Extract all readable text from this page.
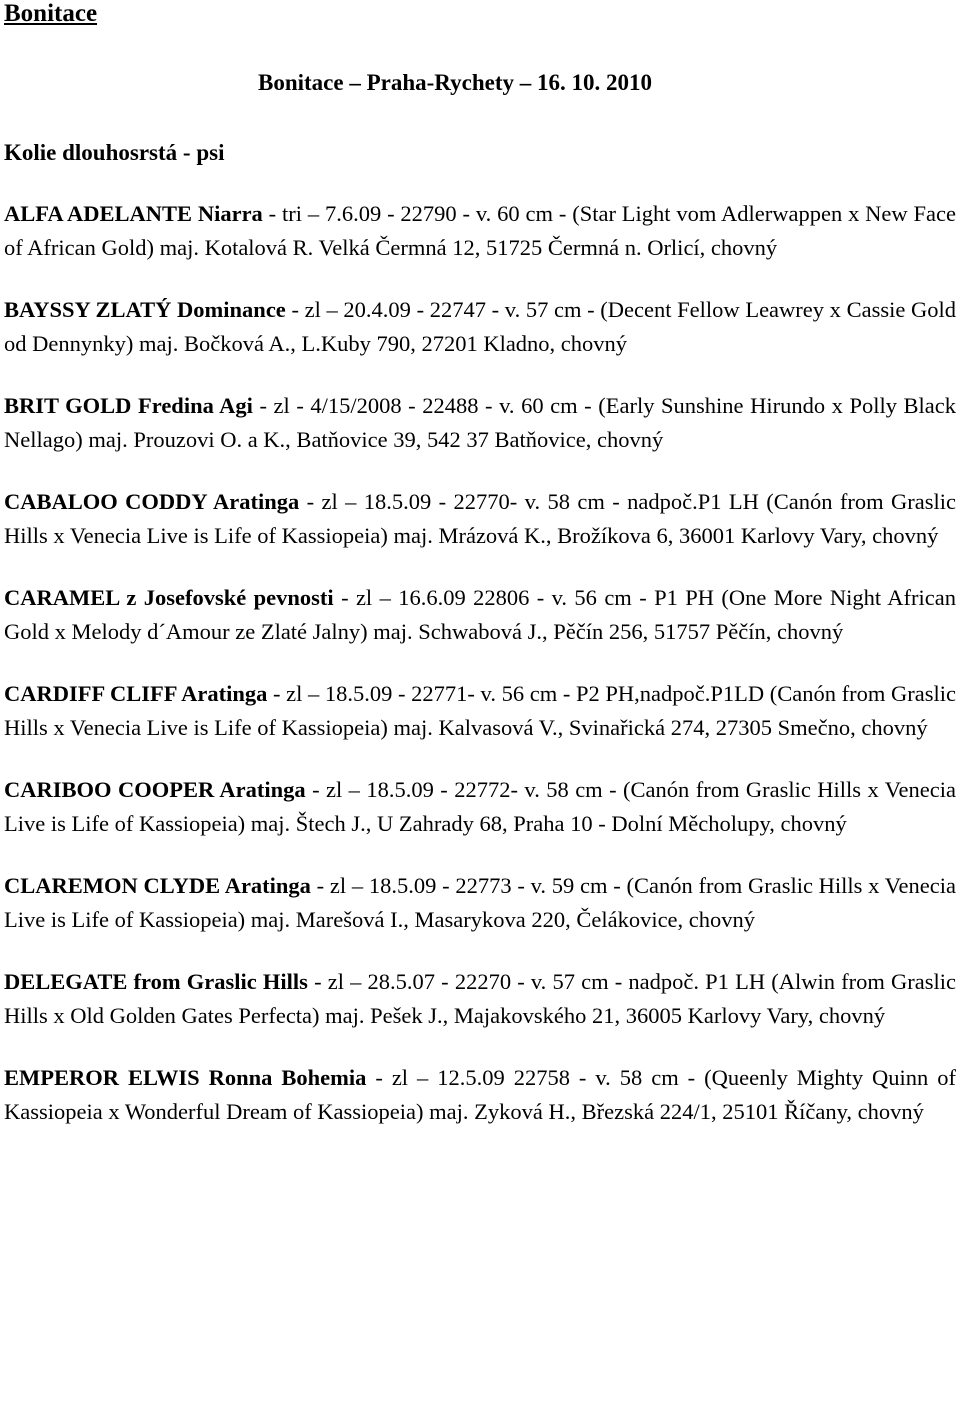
Bonitace
Bonitace – Praha-Rychety – 16. 10. 2010
Kolie dlouhosrstá - psi

ALFA ADELANTE Niarra - tri – 7.6.09 - 22790 - v. 60 cm - (Star Light vom Adlerwappen x New Face of African Gold) maj. Kotalová R. Velká Čermná 12, 51725 Čermná n. Orlicí, chovný

BAYSSY ZLATÝ Dominance - zl – 20.4.09 - 22747 - v. 57 cm - (Decent Fellow Leawrey x Cassie Gold od Dennynky) maj. Bočková A., L.Kuby 790, 27201 Kladno, chovný

BRIT GOLD Fredina Agi - zl - 4/15/2008 - 22488 - v. 60 cm - (Early Sunshine Hirundo x Polly Black Nellago) maj. Prouzovi O. a K., Batňovice 39, 542 37 Batňovice, chovný

CABALOO CODDY Aratinga - zl – 18.5.09 - 22770- v. 58 cm - nadpoč.P1 LH (Canón from Graslic Hills x Venecia Live is Life of Kassiopeia) maj. Mrázová K., Brožíkova 6, 36001 Karlovy Vary, chovný

CARAMEL z Josefovské pevnosti - zl – 16.6.09 22806 - v. 56 cm - P1 PH (One More Night African Gold x Melody d´Amour ze Zlaté Jalny) maj. Schwabová J., Pěčín 256, 51757 Pěčín, chovný

CARDIFF CLIFF Aratinga - zl – 18.5.09 - 22771- v. 56 cm - P2 PH,nadpoč.P1LD (Canón from Graslic Hills x Venecia Live is Life of Kassiopeia) maj. Kalvasová V., Svinařická 274, 27305 Smečno, chovný

CARIBOO COOPER Aratinga - zl – 18.5.09 - 22772- v. 58 cm - (Canón from Graslic Hills x Venecia Live is Life of Kassiopeia) maj. Štech J., U Zahrady 68, Praha 10 - Dolní Měcholupy, chovný

CLAREMON CLYDE Aratinga - zl – 18.5.09 - 22773 - v. 59 cm - (Canón from Graslic Hills x Venecia Live is Life of Kassiopeia) maj. Marešová I., Masarykova 220, Čelákovice, chovný

DELEGATE from Graslic Hills - zl – 28.5.07 - 22270 - v. 57 cm - nadpoč. P1 LH (Alwin from Graslic Hills x Old Golden Gates Perfecta) maj. Pešek J., Majakovského 21, 36005 Karlovy Vary, chovný

EMPEROR ELWIS Ronna Bohemia - zl – 12.5.09 22758 - v. 58 cm - (Queenly Mighty Quinn of Kassiopeia x Wonderful Dream of Kassiopeia) maj. Zyková H., Březská 224/1, 25101 Říčany, chovný
